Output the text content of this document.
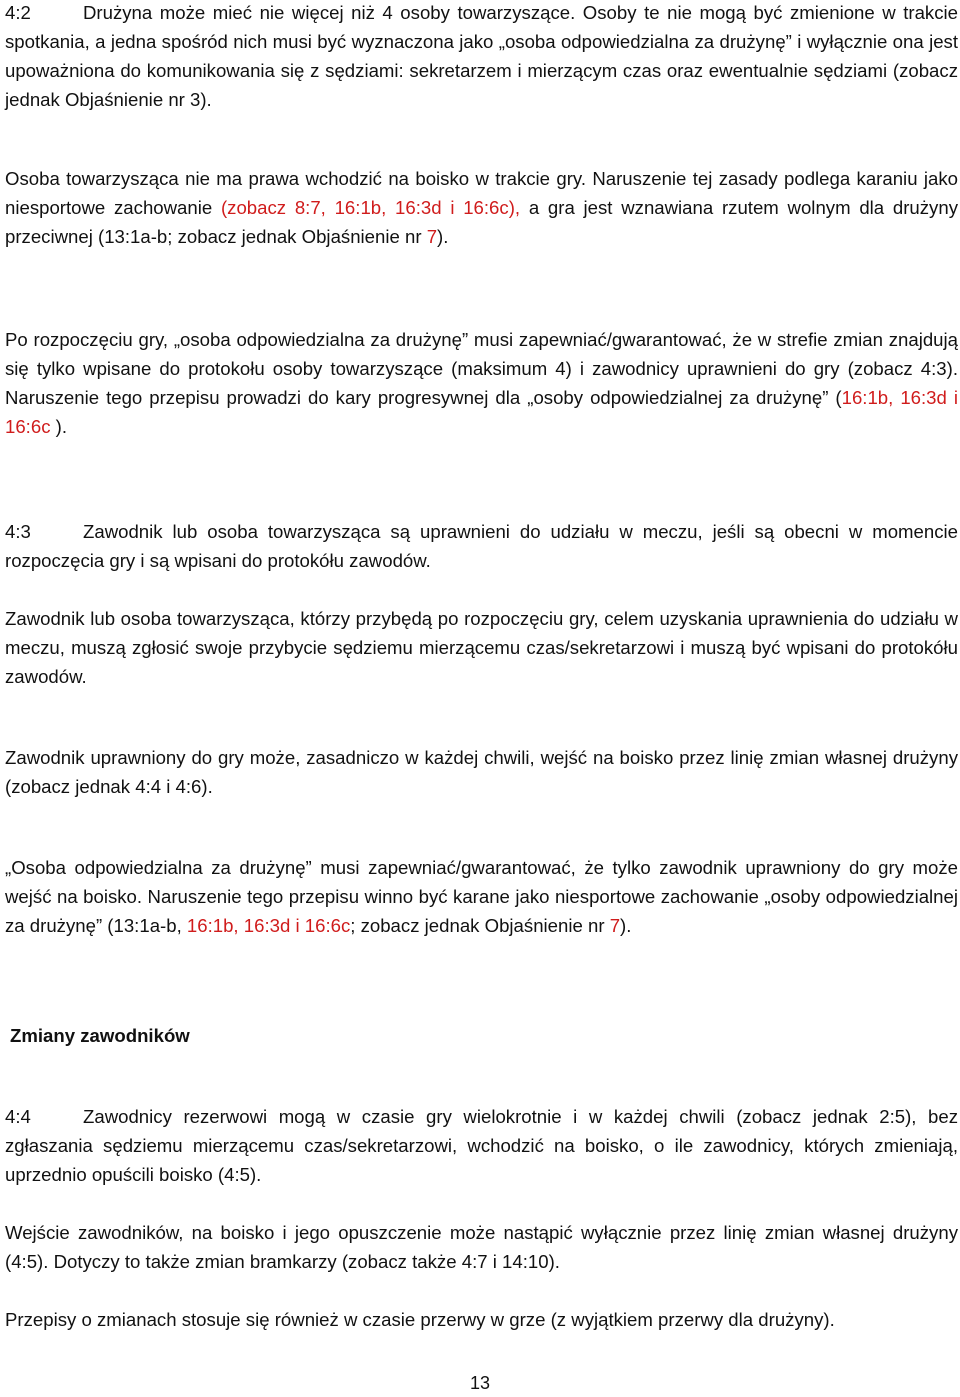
4:2	Drużyna może mieć nie więcej niż 4 osoby towarzyszące. Osoby te nie mogą być zmienione w trakcie spotkania, a jedna spośród nich musi być wyznaczona jako „osoba odpowiedzialna za drużynę” i wyłącznie ona jest upoważniona do komunikowania się z sędziami: sekretarzem i mierzącym czas oraz ewentualnie sędziami (zobacz jednak Objaśnienie nr 3).

Osoba towarzysząca nie ma prawa wchodzić na boisko w trakcie gry. Naruszenie tej zasady podlega karaniu jako niesportowe zachowanie (zobacz 8:7, 16:1b, 16:3d i 16:6c), a gra jest wznawiana rzutem wolnym dla drużyny przeciwnej (13:1a-b; zobacz jednak Objaśnienie nr 7).

Po rozpoczęciu gry, „osoba odpowiedzialna za drużynę” musi zapewniać/gwarantować, że w strefie zmian znajdują się tylko wpisane do protokołu osoby towarzyszące (maksimum 4) i zawodnicy uprawnieni do gry (zobacz 4:3). Naruszenie tego przepisu prowadzi do kary progresywnej dla „osoby odpowiedzialnej za drużynę” (16:1b, 16:3d i 16:6c ).

4:3	Zawodnik lub osoba towarzysząca są uprawnieni do udziału w meczu, jeśli są obecni w momencie rozpoczęcia gry i są wpisani do protokółu zawodów.

Zawodnik lub osoba towarzysząca, którzy przybędą po rozpoczęciu gry, celem uzyskania uprawnienia do udziału w meczu, muszą zgłosić swoje przybycie sędziemu mierzącemu czas/sekretarzowi i muszą być wpisani do protokółu zawodów.

Zawodnik uprawniony do gry może, zasadniczo w każdej chwili, wejść na boisko przez linię zmian własnej drużyny (zobacz jednak 4:4 i 4:6).

„Osoba odpowiedzialna za drużynę” musi zapewniać/gwarantować, że tylko zawodnik uprawniony do gry może wejść na boisko. Naruszenie tego przepisu winno być karane jako niesportowe zachowanie „osoby odpowiedzialnej za drużynę” (13:1a-b, 16:1b, 16:3d i 16:6c; zobacz jednak Objaśnienie nr 7).

Zmiany zawodników

4:4	Zawodnicy rezerwowi mogą w czasie gry wielokrotnie i w każdej chwili (zobacz jednak 2:5), bez zgłaszania sędziemu mierzącemu czas/sekretarzowi, wchodzić na boisko, o ile zawodnicy, których zmieniają, uprzednio opuścili boisko (4:5).

Wejście zawodników, na boisko i jego opuszczenie może nastąpić wyłącznie przez linię zmian własnej drużyny (4:5). Dotyczy to także zmian bramkarzy (zobacz także 4:7 i 14:10).

Przepisy o zmianach stosuje się również w czasie przerwy w grze (z wyjątkiem przerwy dla drużyny).

13
